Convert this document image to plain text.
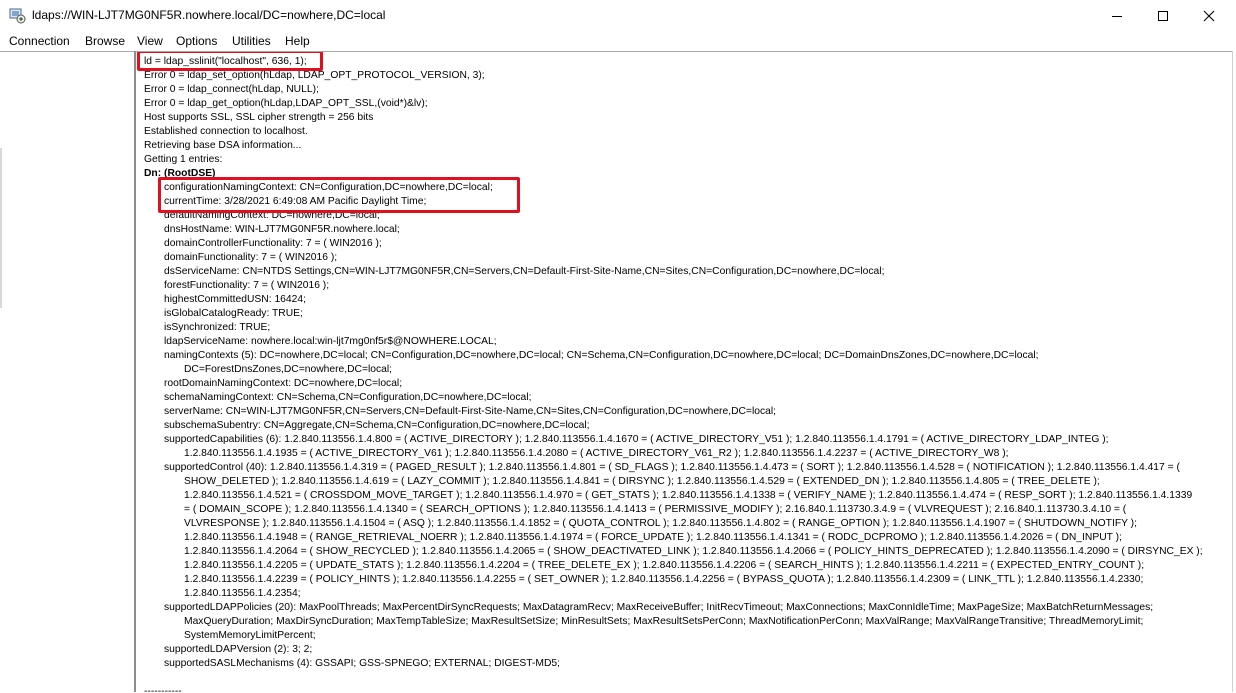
ldaps://WIN-LJT7MG0NF5R.nowhere.local/DC=nowhere,DC=local
Connection Browse View Options Utilities Help
ld = ldap_sslinit("localhost", 636, 1);
Error 0 = ldap_set_option(hLdap, LDAP_OPT_PROTOCOL_VERSION, 3);
Error 0 = ldap_connect(hLdap, NULL);
Error 0 = ldap_get_option(hLdap,LDAP_OPT_SSL,(void*)&lv);
Host supports SSL, SSL cipher strength = 256 bits
Established connection to localhost.
Retrieving base DSA information...
Getting 1 entries:
Dn: (RootDSE)
configurationNamingContext: CN=Configuration,DC=nowhere,DC=local;
currentTime: 3/28/2021 6:49:08 AM Pacific Daylight Time;
defaultNamingContext: DC=nowhere,DC=local;
dnsHostName: WIN-LJT7MG0NF5R.nowhere.local;
domainControllerFunctionality: 7 = ( WIN2016 );
domainFunctionality: 7 = ( WIN2016 );
dsServiceName: CN=NTDS Settings,CN=WIN-LJT7MG0NF5R,CN=Servers,CN=Default-First-Site-Name,CN=Sites,CN=Configuration,DC=nowhere,DC=local;
forestFunctionality: 7 = ( WIN2016 );
highestCommittedUSN: 16424;
isGlobalCatalogReady: TRUE;
isSynchronized: TRUE;
ldapServiceName: nowhere.local:win-ljt7mg0nf5r$@NOWHERE.LOCAL;
namingContexts (5): DC=nowhere,DC=local; CN=Configuration,DC=nowhere,DC=local; CN=Schema,CN=Configuration,DC=nowhere,DC=local; DC=DomainDnsZones,DC=nowhere,DC=local;
DC=ForestDnsZones,DC=nowhere,DC=local;
rootDomainNamingContext: DC=nowhere,DC=local;
schemaNamingContext: CN=Schema,CN=Configuration,DC=nowhere,DC=local;
serverName: CN=WIN-LJT7MG0NF5R,CN=Servers,CN=Default-First-Site-Name,CN=Sites,CN=Configuration,DC=nowhere,DC=local;
subschemaSubentry: CN=Aggregate,CN=Schema,CN=Configuration,DC=nowhere,DC=local;
supportedCapabilities (6): 1.2.840.113556.1.4.800 = ( ACTIVE_DIRECTORY ); 1.2.840.113556.1.4.1670 = ( ACTIVE_DIRECTORY_V51 ); 1.2.840.113556.1.4.1791 = ( ACTIVE_DIRECTORY_LDAP_INTEG );
1.2.840.113556.1.4.1935 = ( ACTIVE_DIRECTORY_V61 ); 1.2.840.113556.1.4.2080 = ( ACTIVE_DIRECTORY_V61_R2 ); 1.2.840.113556.1.4.2237 = ( ACTIVE_DIRECTORY_W8 );
supportedControl (40): 1.2.840.113556.1.4.319 = ( PAGED_RESULT ); 1.2.840.113556.1.4.801 = ( SD_FLAGS ); 1.2.840.113556.1.4.473 = ( SORT ); 1.2.840.113556.1.4.528 = ( NOTIFICATION ); 1.2.840.113556.1.4.417 = (
SHOW_DELETED ); 1.2.840.113556.1.4.619 = ( LAZY_COMMIT ); 1.2.840.113556.1.4.841 = ( DIRSYNC ); 1.2.840.113556.1.4.529 = ( EXTENDED_DN ); 1.2.840.113556.1.4.805 = ( TREE_DELETE );
1.2.840.113556.1.4.521 = ( CROSSDOM_MOVE_TARGET ); 1.2.840.113556.1.4.970 = ( GET_STATS ); 1.2.840.113556.1.4.1338 = ( VERIFY_NAME ); 1.2.840.113556.1.4.474 = ( RESP_SORT ); 1.2.840.113556.1.4.1339
= ( DOMAIN_SCOPE ); 1.2.840.113556.1.4.1340 = ( SEARCH_OPTIONS ); 1.2.840.113556.1.4.1413 = ( PERMISSIVE_MODIFY ); 2.16.840.1.113730.3.4.9 = ( VLVREQUEST ); 2.16.840.1.113730.3.4.10 = (
VLVRESPONSE ); 1.2.840.113556.1.4.1504 = ( ASQ ); 1.2.840.113556.1.4.1852 = ( QUOTA_CONTROL ); 1.2.840.113556.1.4.802 = ( RANGE_OPTION ); 1.2.840.113556.1.4.1907 = ( SHUTDOWN_NOTIFY );
1.2.840.113556.1.4.1948 = ( RANGE_RETRIEVAL_NOERR ); 1.2.840.113556.1.4.1974 = ( FORCE_UPDATE ); 1.2.840.113556.1.4.1341 = ( RODC_DCPROMO ); 1.2.840.113556.1.4.2026 = ( DN_INPUT );
1.2.840.113556.1.4.2064 = ( SHOW_RECYCLED ); 1.2.840.113556.1.4.2065 = ( SHOW_DEACTIVATED_LINK ); 1.2.840.113556.1.4.2066 = ( POLICY_HINTS_DEPRECATED ); 1.2.840.113556.1.4.2090 = ( DIRSYNC_EX );
1.2.840.113556.1.4.2205 = ( UPDATE_STATS ); 1.2.840.113556.1.4.2204 = ( TREE_DELETE_EX ); 1.2.840.113556.1.4.2206 = ( SEARCH_HINTS ); 1.2.840.113556.1.4.2211 = ( EXPECTED_ENTRY_COUNT );
1.2.840.113556.1.4.2239 = ( POLICY_HINTS ); 1.2.840.113556.1.4.2255 = ( SET_OWNER ); 1.2.840.113556.1.4.2256 = ( BYPASS_QUOTA ); 1.2.840.113556.1.4.2309 = ( LINK_TTL ); 1.2.840.113556.1.4.2330;
1.2.840.113556.1.4.2354;
supportedLDAPPolicies (20): MaxPoolThreads; MaxPercentDirSyncRequests; MaxDatagramRecv; MaxReceiveBuffer; InitRecvTimeout; MaxConnections; MaxConnIdleTime; MaxPageSize; MaxBatchReturnMessages;
MaxQueryDuration; MaxDirSyncDuration; MaxTempTableSize; MaxResultSetSize; MinResultSets; MaxResultSetsPerConn; MaxNotificationPerConn; MaxValRange; MaxValRangeTransitive; ThreadMemoryLimit;
SystemMemoryLimitPercent;
supportedLDAPVersion (2): 3; 2;
supportedSASLMechanisms (4): GSSAPI; GSS-SPNEGO; EXTERNAL; DIGEST-MD5;
-----------
